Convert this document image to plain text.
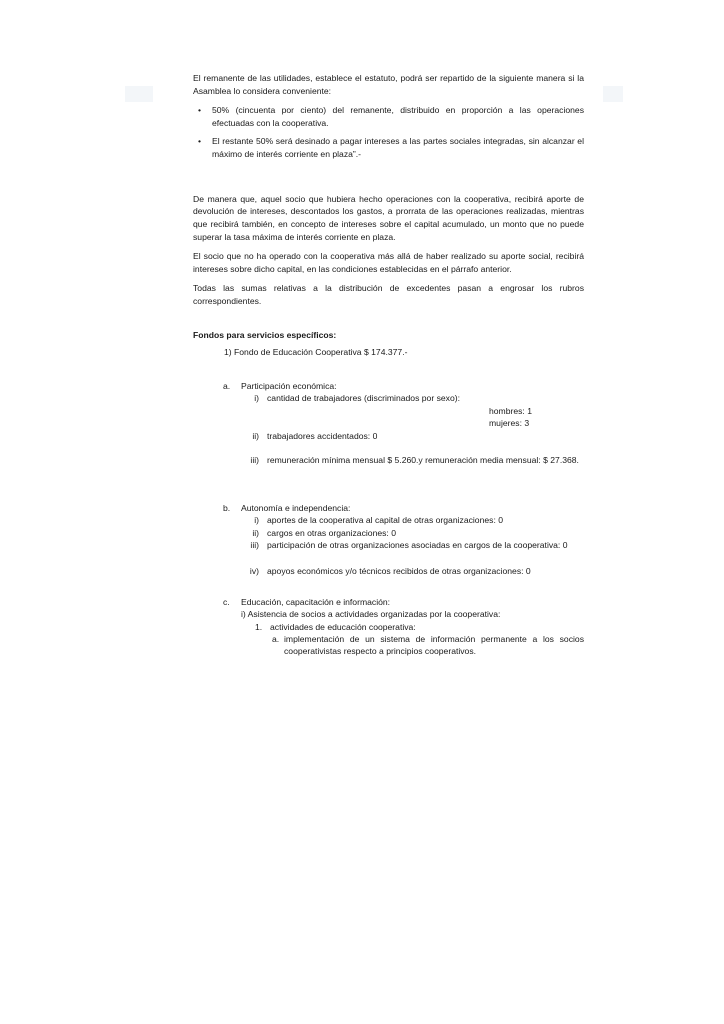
El remanente de las utilidades, establece el estatuto, podrá ser repartido de la siguiente manera si la Asamblea lo considera conveniente:

• 50% (cincuenta por ciento) del remanente, distribuido en proporción a las operaciones efectuadas con la cooperativa.
• El restante 50% será desinado a pagar intereses a las partes sociales integradas, sin alcanzar el máximo de interés corriente en plaza”.-

De manera que, aquel socio que hubiera hecho operaciones con la cooperativa, recibirá aporte de devolución de intereses, descontados los gastos, a prorrata de las operaciones realizadas, mientras que recibirá también, en concepto de intereses sobre el capital acumulado, un monto que no puede superar la tasa máxima de interés corriente en plaza.

El socio que no ha operado con la cooperativa más allá de haber realizado su aporte social, recibirá intereses sobre dicho capital, en las condiciones establecidas en el párrafo anterior.

Todas las sumas relativas a la distribución de excedentes pasan a engrosar los rubros correspondientes.

Fondos para servicios específicos:
1) Fondo de Educación Cooperativa $ 174.377.-
a. Participación económica:
i) cantidad de trabajadores (discriminados por sexo):
hombres: 1
mujeres: 3
ii) trabajadores accidentados: 0
iii) remuneración mínima mensual $ 5.260.y remuneración media mensual: $ 27.368.
b. Autonomía e independencia:
i) aportes de la cooperativa al capital de otras organizaciones: 0
ii) cargos en otras organizaciones: 0
iii) participación de otras organizaciones asociadas en cargos de la cooperativa: 0
iv) apoyos económicos y/o técnicos recibidos de otras organizaciones: 0
c. Educación, capacitación e información:
i) Asistencia de socios a actividades organizadas por la cooperativa:
1. actividades de educación cooperativa:
a. implementación de un sistema de información permanente a los socios cooperativistas respecto a principios cooperativos.
